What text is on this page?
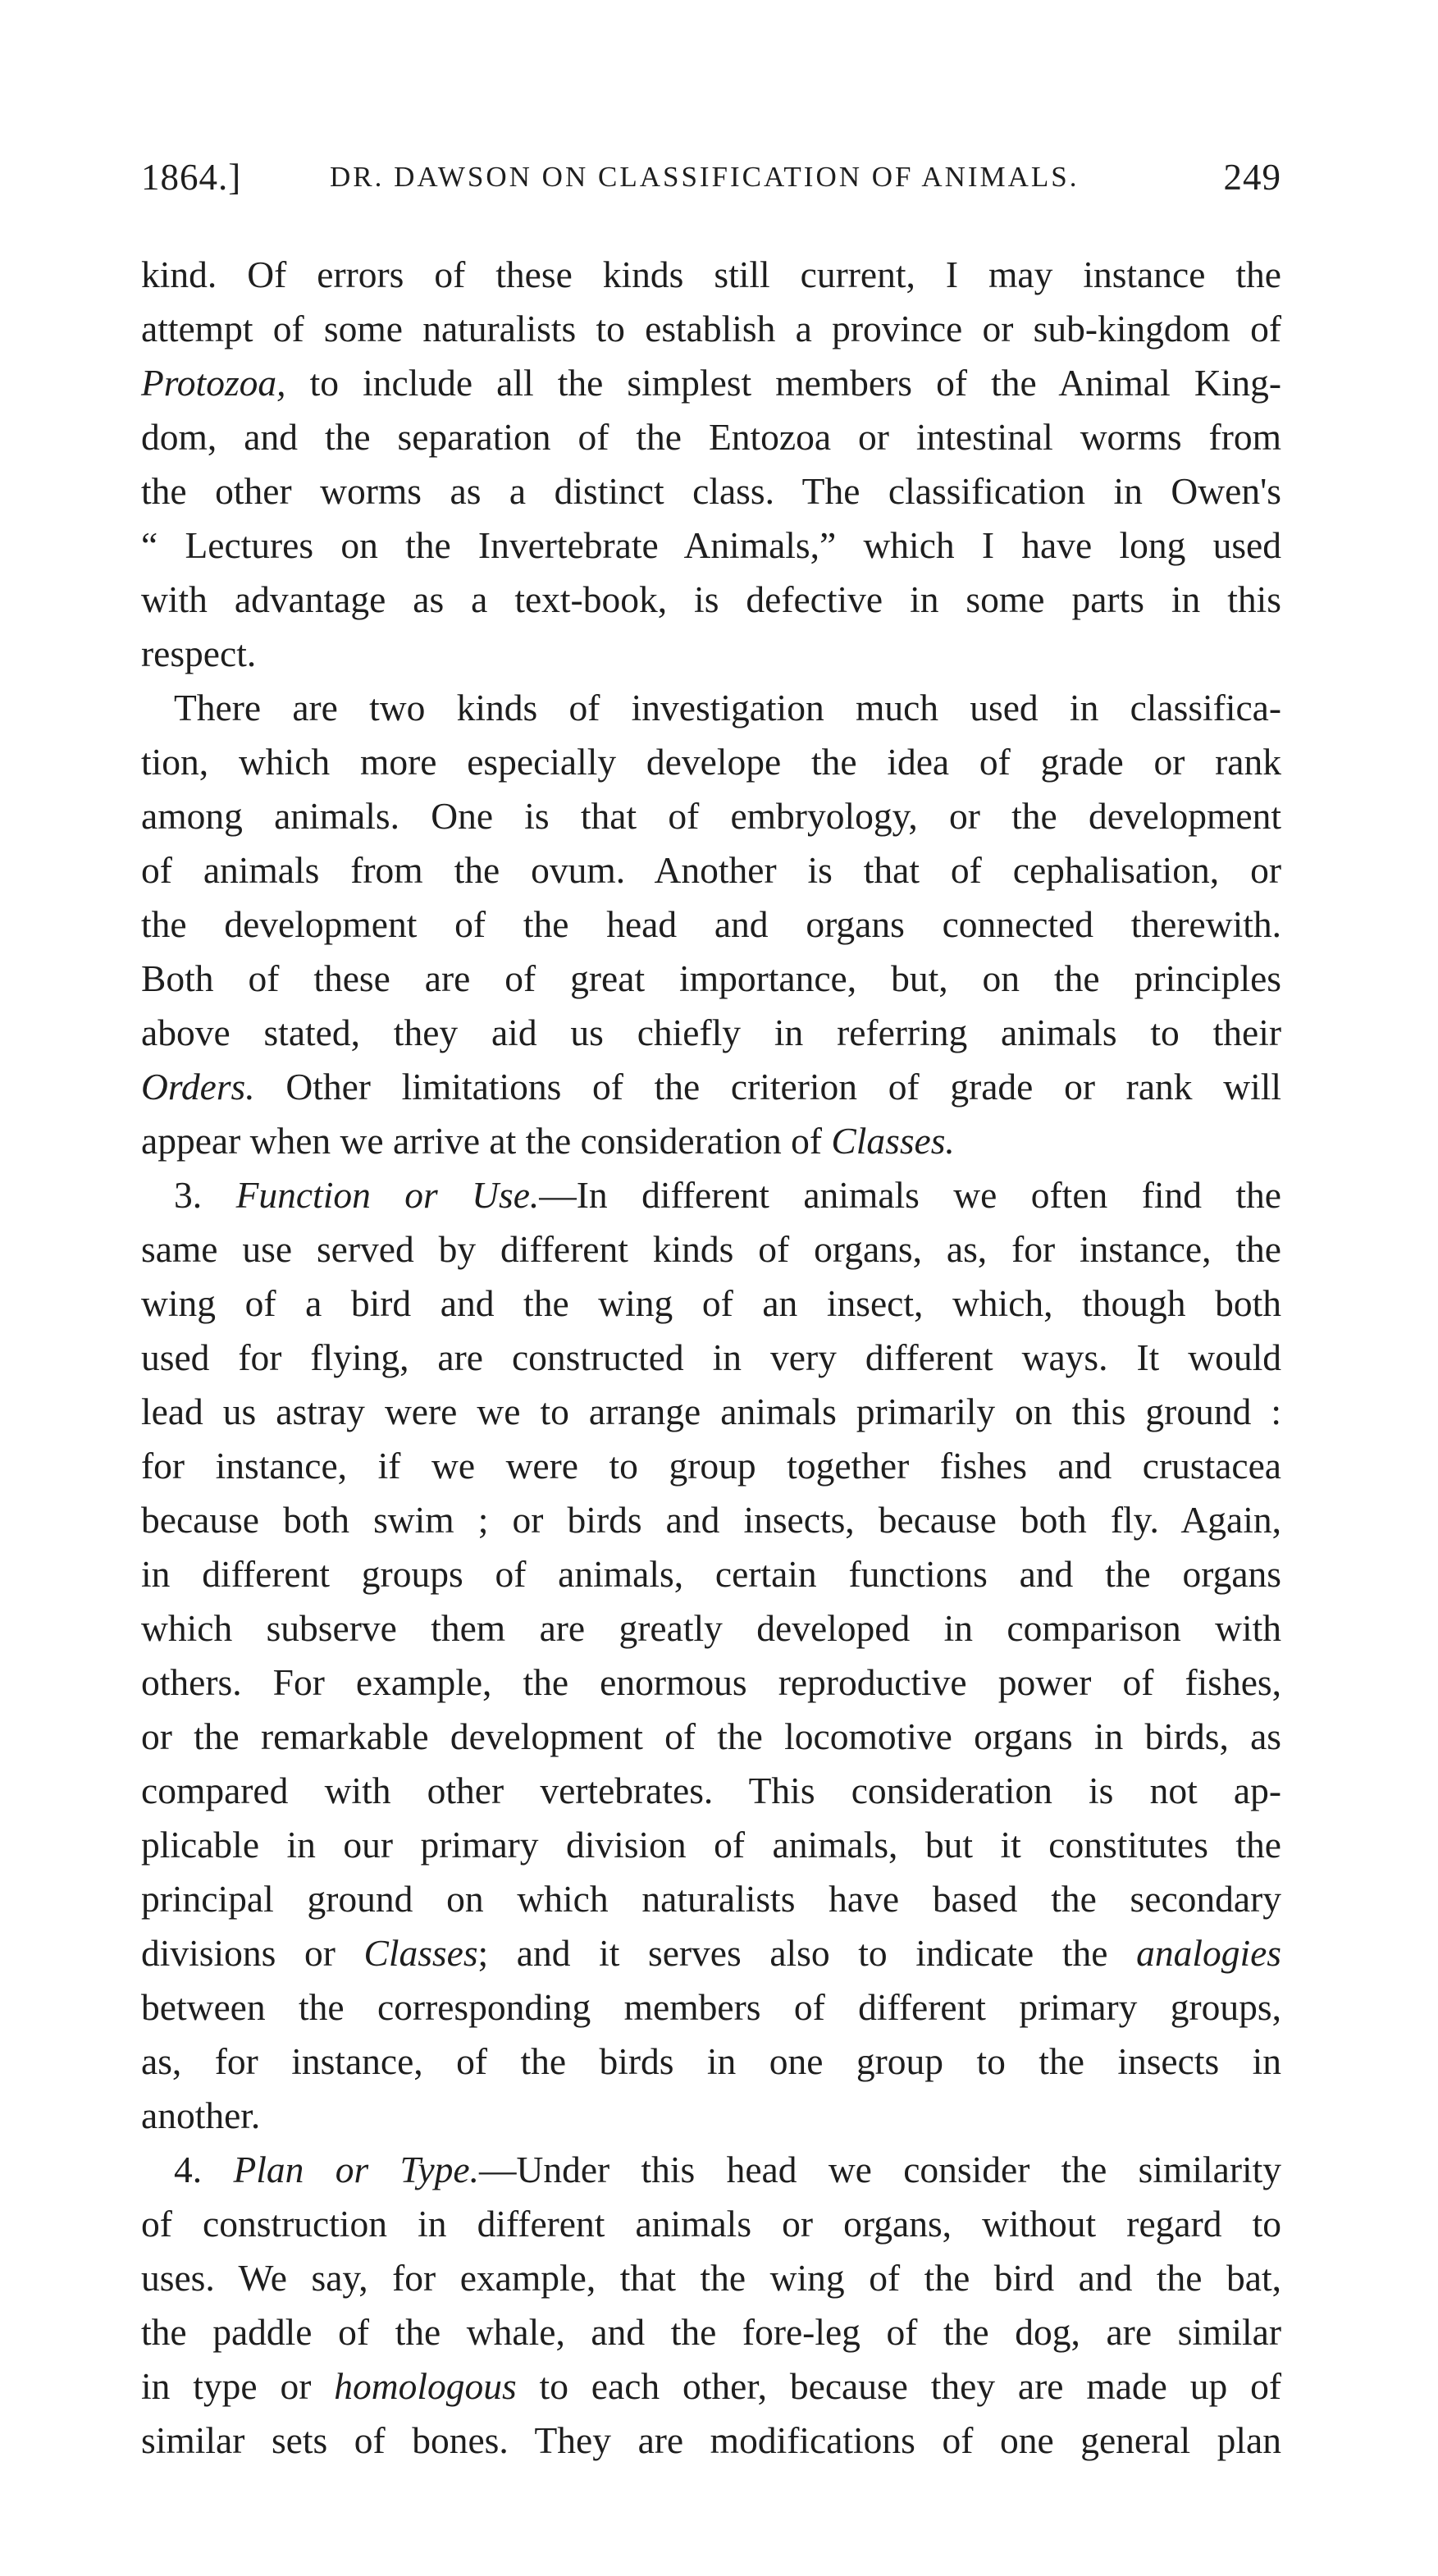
1864.]	DR. DAWSON ON CLASSIFICATION OF ANIMALS.	249
kind. Of errors of these kinds still current, I may instance the
attempt of some naturalists to establish a province or sub-kingdom of
Protozoa, to include all the simplest members of the Animal King-
dom, and the separation of the Entozoa or intestinal worms from
the other worms as a distinct class. The classification in Owen's
“ Lectures on the Invertebrate Animals,” which I have long used
with advantage as a text-book, is defective in some parts in this
respect.
There are two kinds of investigation much used in classifica-
tion, which more especially develope the idea of grade or rank
among animals. One is that of embryology, or the development
of animals from the ovum. Another is that of cephalisation, or
the development of the head and organs connected therewith.
Both of these are of great importance, but, on the principles
above stated, they aid us chiefly in referring animals to their
Orders. Other limitations of the criterion of grade or rank will
appear when we arrive at the consideration of Classes.
3. Function or Use.—In different animals we often find the
same use served by different kinds of organs, as, for instance, the
wing of a bird and the wing of an insect, which, though both
used for flying, are constructed in very different ways. It would
lead us astray were we to arrange animals primarily on this ground :
for instance, if we were to group together fishes and crustacea
because both swim ; or birds and insects, because both fly. Again,
in different groups of animals, certain functions and the organs
which subserve them are greatly developed in comparison with
others. For example, the enormous reproductive power of fishes,
or the remarkable development of the locomotive organs in birds, as
compared with other vertebrates. This consideration is not ap-
plicable in our primary division of animals, but it constitutes the
principal ground on which naturalists have based the secondary
divisions or Classes; and it serves also to indicate the analogies
between the corresponding members of different primary groups,
as, for instance, of the birds in one group to the insects in
another.
4. Plan or Type.—Under this head we consider the similarity
of construction in different animals or organs, without regard to
uses. We say, for example, that the wing of the bird and the bat,
the paddle of the whale, and the fore-leg of the dog, are similar
in type or homologous to each other, because they are made up of
similar sets of bones. They are modifications of one general plan
